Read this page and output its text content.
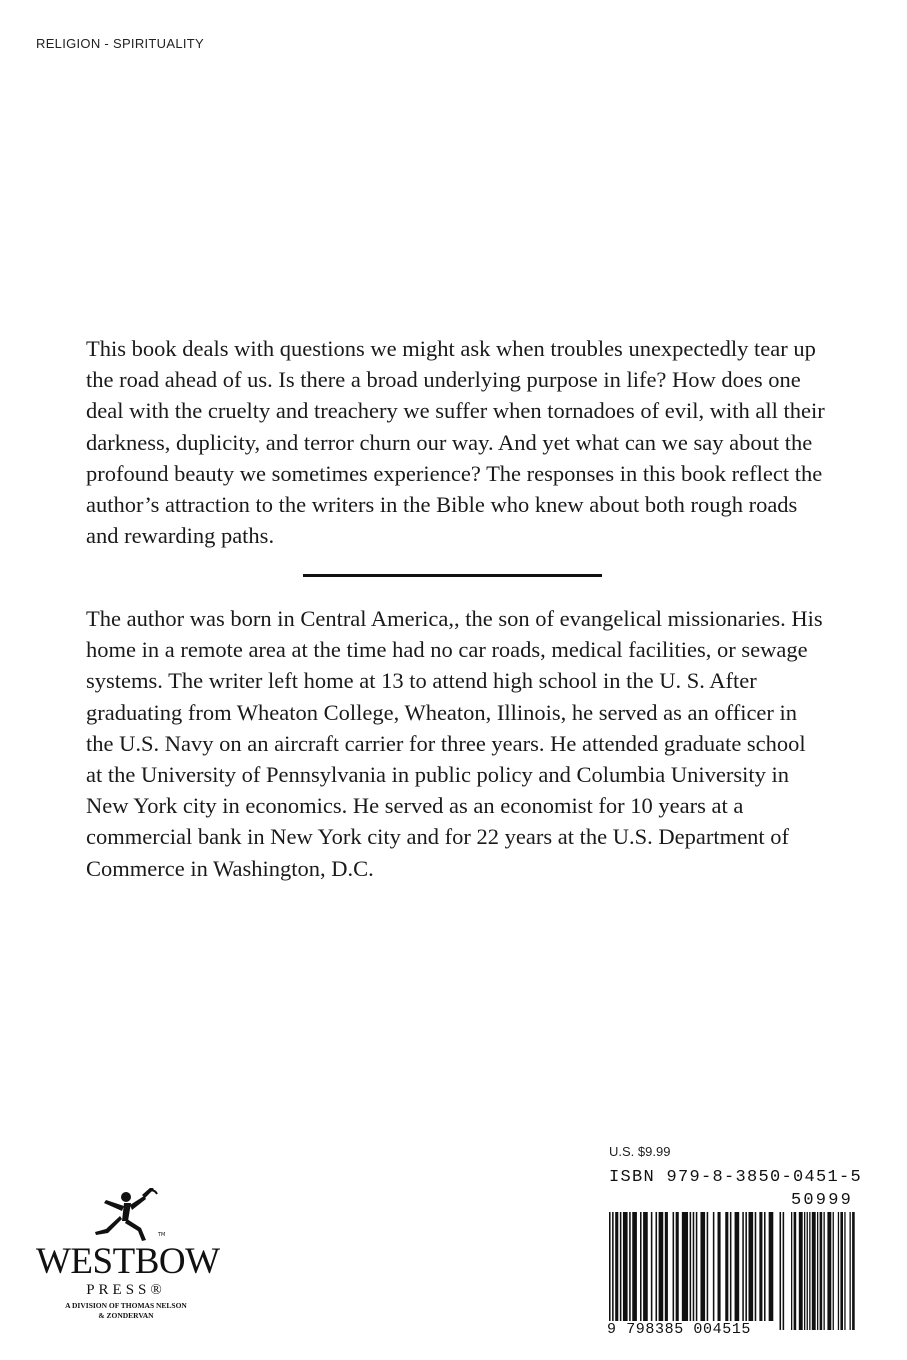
RELIGION - SPIRITUALITY

This book deals with questions we might ask when troubles unexpectedly tear up the road ahead of us. Is there a broad underlying purpose in life? How does one deal with the cruelty and treachery we suffer when tornadoes of evil, with all their darkness, duplicity, and terror churn our way. And yet what can we say about the profound beauty we sometimes experience? The responses in this book reflect the author’s attraction to the writers in the Bible who knew about both rough roads and rewarding paths.

The author was born in Central America,, the son of evangelical missionaries. His home in a remote area at the time had no car roads, medical facilities, or sewage systems. The writer left home at 13 to attend high school in the U. S. After graduating from Wheaton College, Wheaton, Illinois, he served as an officer in the U.S. Navy on an aircraft carrier for three years. He attended graduate school at the University of Pennsylvania in public policy and Columbia University in New York city in economics. He served as an economist for 10 years at a commercial bank in New York city and for 22 years at the U.S. Department of Commerce in Washington, D.C.

TM
WESTBOW
PRESS®
A DIVISION OF THOMAS NELSON
& ZONDERVAN
U.S. $9.99
ISBN 979-8-3850-0451-5
50999
9 798385 004515
